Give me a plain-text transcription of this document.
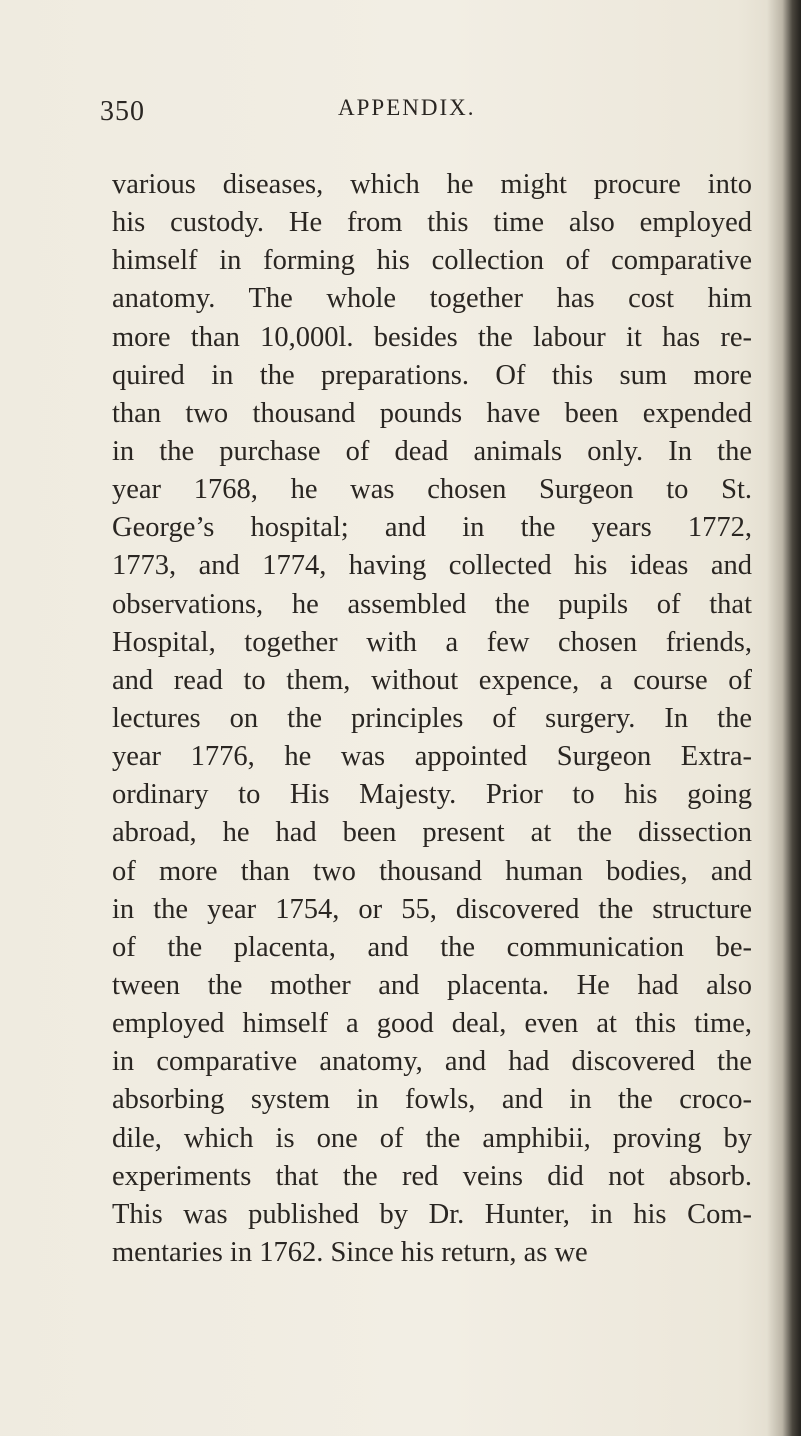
350	APPENDIX.
various diseases, which he might procure into
his custody. He from this time also employed
himself in forming his collection of comparative
anatomy. The whole together has cost him
more than 10,000l. besides the labour it has re-
quired in the preparations. Of this sum more
than two thousand pounds have been expended
in the purchase of dead animals only. In the
year 1768, he was chosen Surgeon to St.
George’s hospital; and in the years 1772,
1773, and 1774, having collected his ideas and
observations, he assembled the pupils of that
Hospital, together with a few chosen friends,
and read to them, without expence, a course of
lectures on the principles of surgery. In the
year 1776, he was appointed Surgeon Extra-
ordinary to His Majesty. Prior to his going
abroad, he had been present at the dissection
of more than two thousand human bodies, and
in the year 1754, or 55, discovered the structure
of the placenta, and the communication be-
tween the mother and placenta. He had also
employed himself a good deal, even at this time,
in comparative anatomy, and had discovered the
absorbing system in fowls, and in the croco-
dile, which is one of the amphibii, proving by
experiments that the red veins did not absorb.
This was published by Dr. Hunter, in his Com-
mentaries in 1762. Since his return, as we
